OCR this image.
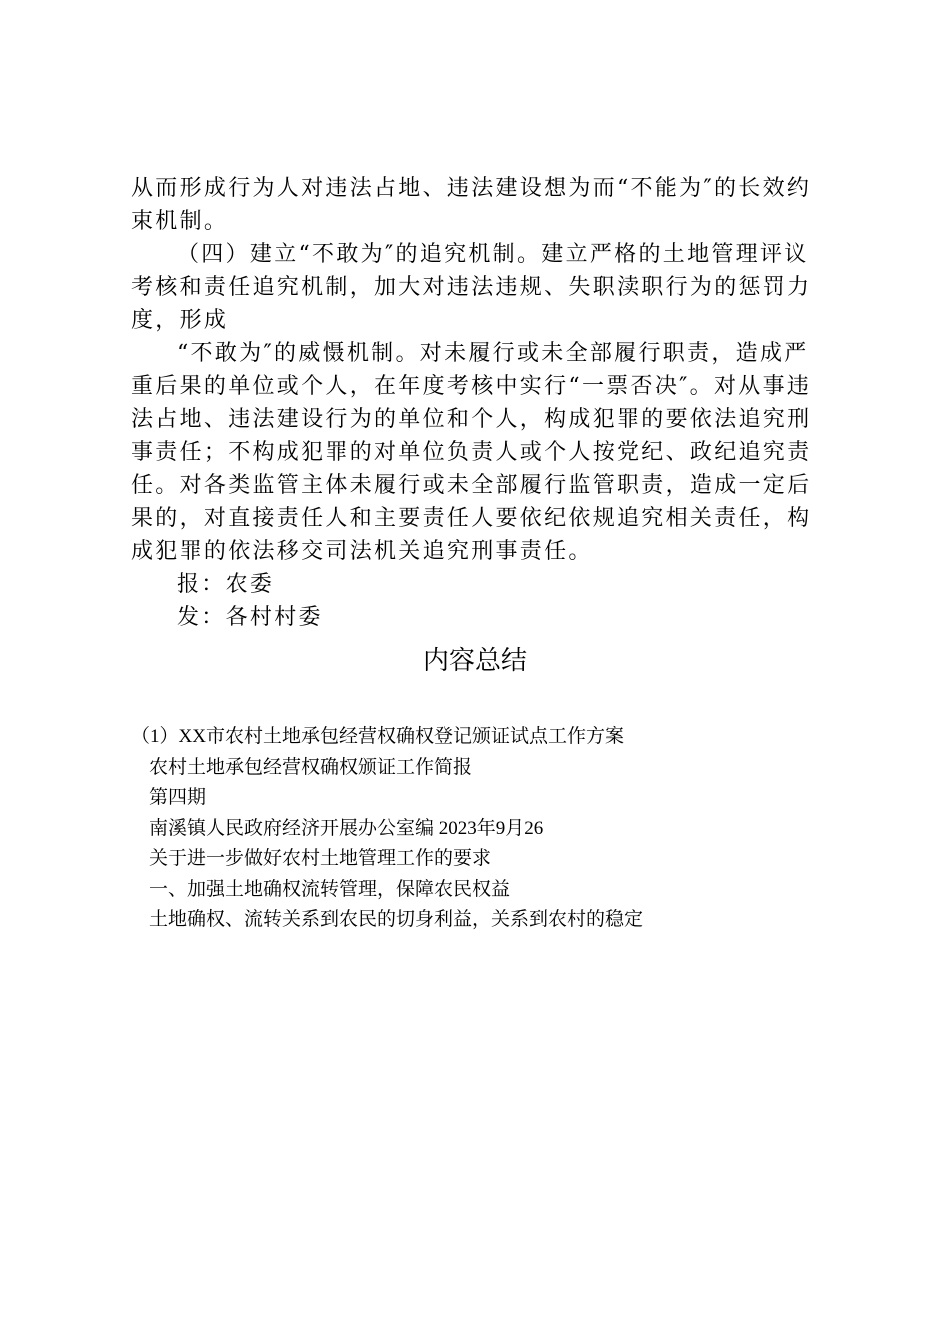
从而形成行为人对违法占地、违法建设想为而“不能为″的长效约束机制。

（四）建立“不敢为″的追究机制。建立严格的土地管理评议考核和责任追究机制，加大对违法违规、失职渎职行为的惩罚力度，形成

“不敢为″的威慑机制。对未履行或未全部履行职责，造成严重后果的单位或个人，在年度考核中实行“一票否决″。对从事违法占地、违法建设行为的单位和个人，构成犯罪的要依法追究刑事责任；不构成犯罪的对单位负责人或个人按党纪、政纪追究责任。对各类监管主体未履行或未全部履行监管职责，造成一定后果的，对直接责任人和主要责任人要依纪依规追究相关责任，构成犯罪的依法移交司法机关追究刑事责任。

报：农委

发：各村村委

内容总结
（1）XX市农村土地承包经营权确权登记颁证试点工作方案
农村土地承包经营权确权颁证工作简报
第四期
南溪镇人民政府经济开展办公室编 2023年9月26
关于进一步做好农村土地管理工作的要求
一、加强土地确权流转管理，保障农民权益
土地确权、流转关系到农民的切身利益，关系到农村的稳定
